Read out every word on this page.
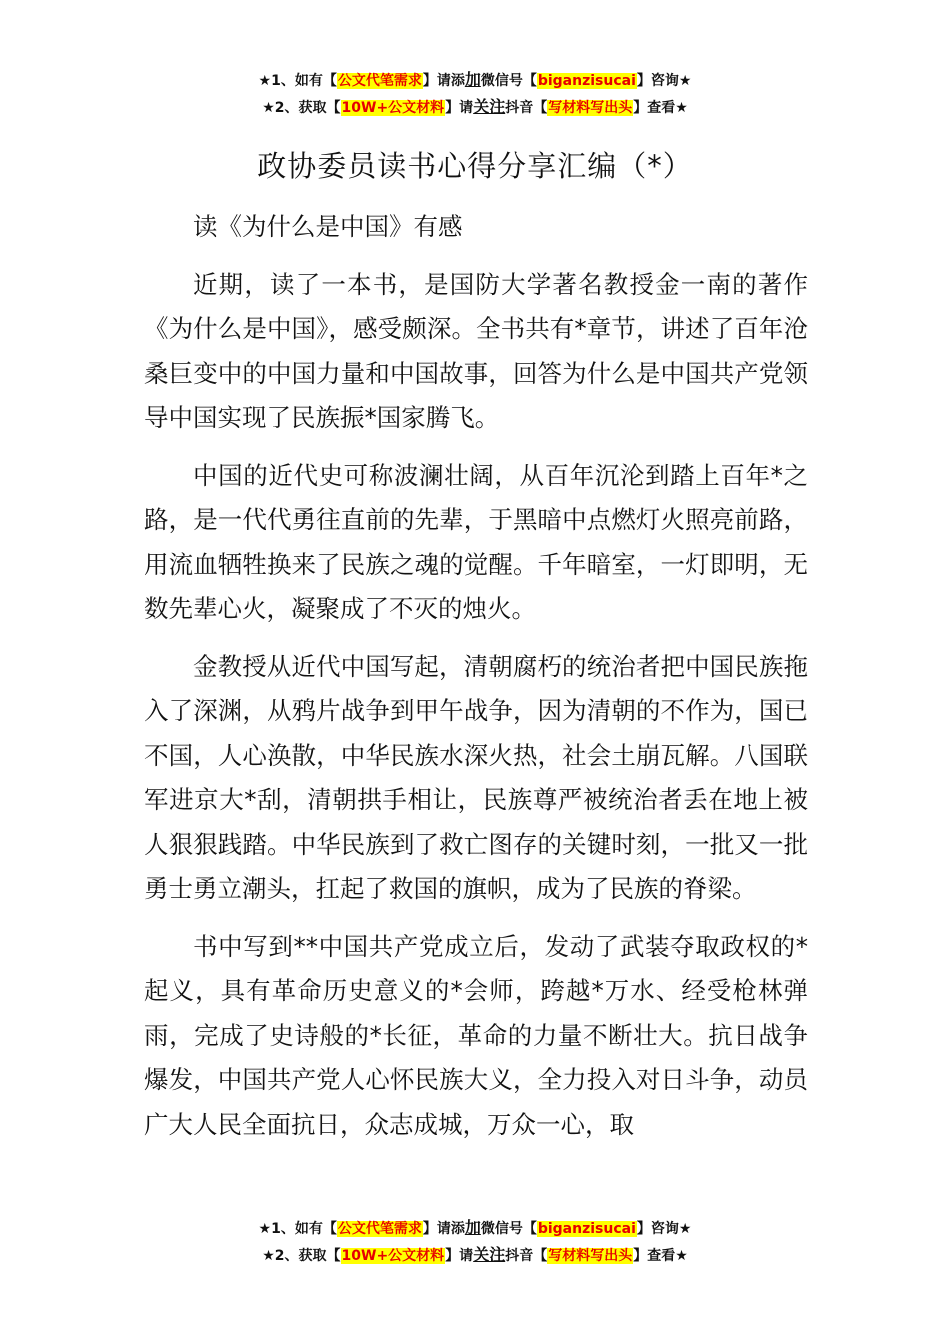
★1、如有【公文代笔需求】请添加微信号【biganzisucai】咨询★
★2、获取【10W+公文材料】请关注抖音【写材料写出头】查看★
政协委员读书心得分享汇编（*）

读《为什么是中国》有感

近期，读了一本书，是国防大学著名教授金一南的著作《为什么是中国》，感受颇深。全书共有*章节，讲述了百年沧桑巨变中的中国力量和中国故事，回答为什么是中国共产党领导中国实现了民族振*国家腾飞。

中国的近代史可称波澜壮阔，从百年沉沦到踏上百年*之路，是一代代勇往直前的先辈，于黑暗中点燃灯火照亮前路，用流血牺牲换来了民族之魂的觉醒。千年暗室，一灯即明，无数先辈心火，凝聚成了不灭的烛火。

金教授从近代中国写起，清朝腐朽的统治者把中国民族拖入了深渊，从鸦片战争到甲午战争，因为清朝的不作为，国已不国，人心涣散，中华民族水深火热，社会土崩瓦解。八国联军进京大*刮，清朝拱手相让，民族尊严被统治者丢在地上被人狠狠践踏。中华民族到了救亡图存的关键时刻，一批又一批勇士勇立潮头，扛起了救国的旗帜，成为了民族的脊梁。

书中写到**中国共产党成立后，发动了武装夺取政权的*起义，具有革命历史意义的*会师，跨越*万水、经受枪林弹雨，完成了史诗般的*长征，革命的力量不断壮大。抗日战争爆发，中国共产党人心怀民族大义，全力投入对日斗争，动员广大人民全面抗日，众志成城，万众一心，取

★1、如有【公文代笔需求】请添加微信号【biganzisucai】咨询★
★2、获取【10W+公文材料】请关注抖音【写材料写出头】查看★
